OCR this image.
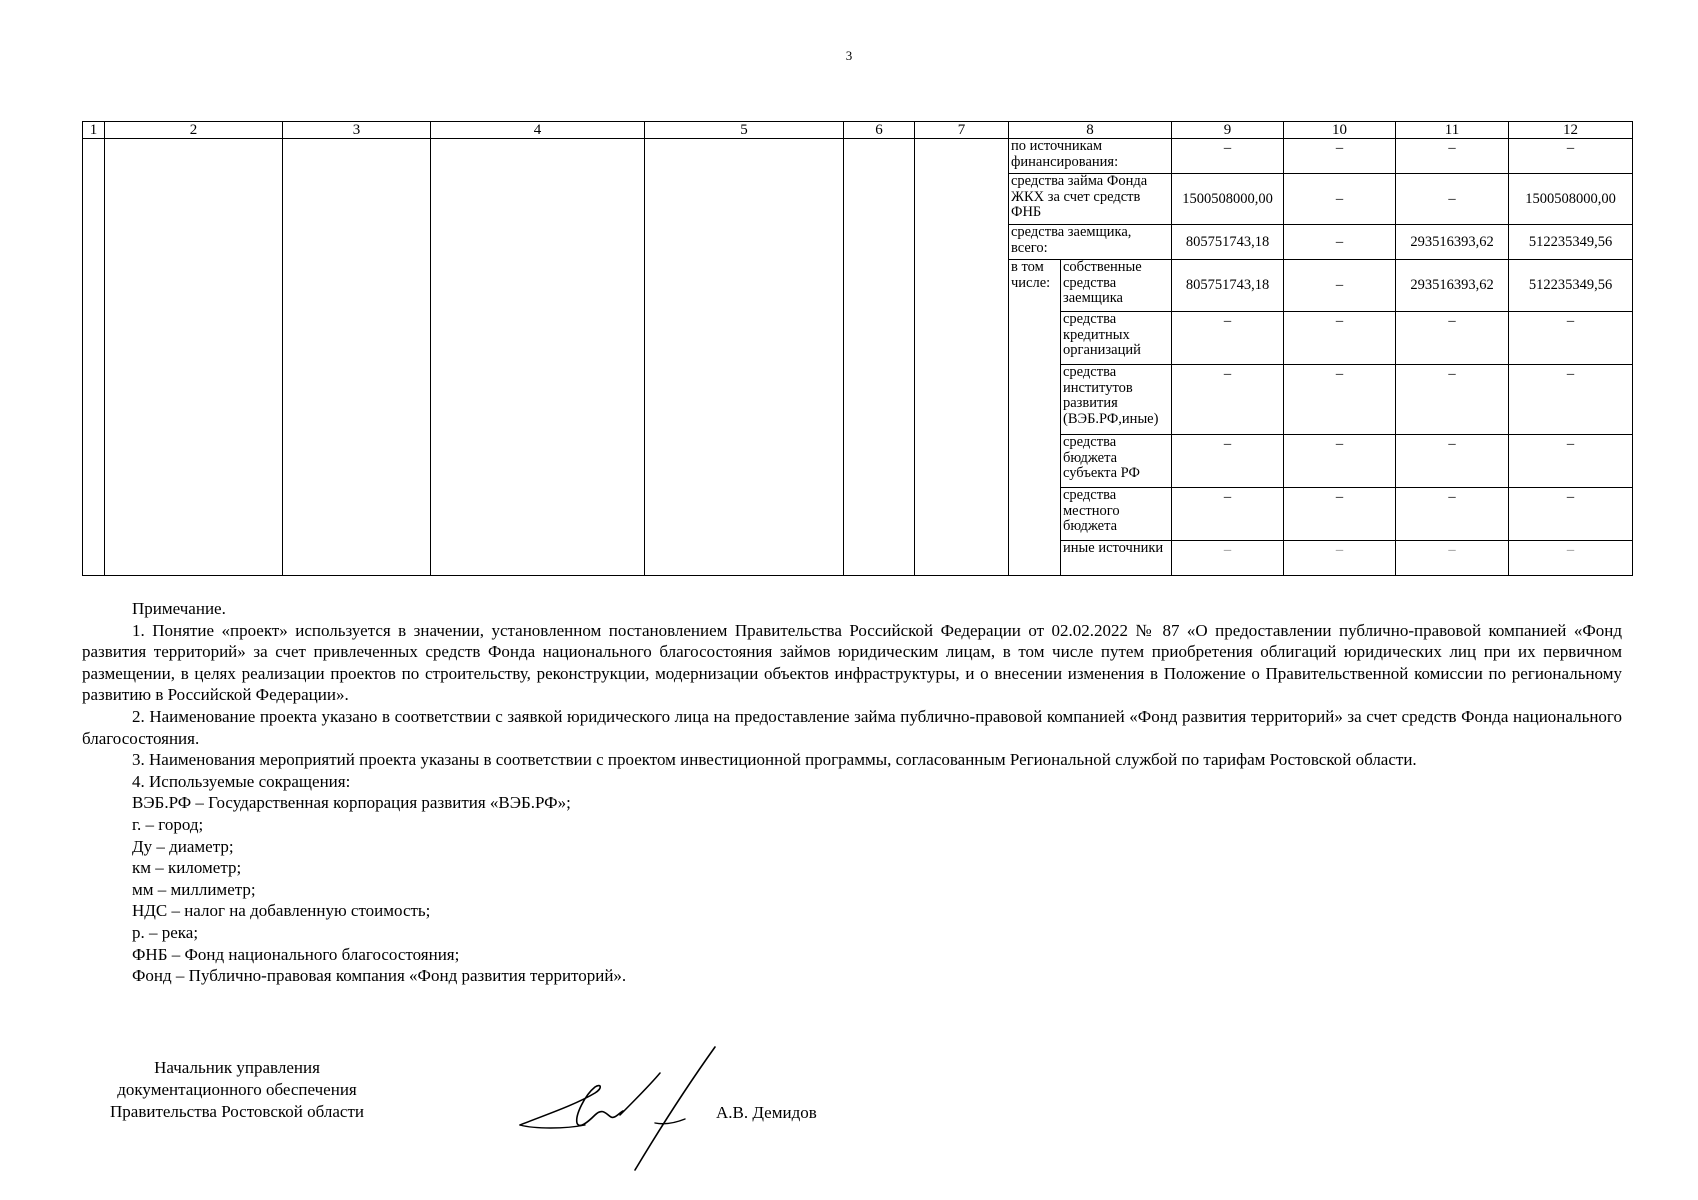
3
1	2	3	4	5	6	7	8		9	10	11	12
							по источникам финансирования:		–	–	–	–
							средства займа Фонда ЖКХ за счет средств ФНБ		1500508000,00	–	–	1500508000,00
							средства заемщика, всего:		805751743,18	–	293516393,62	512235349,56
							в том числе:	собственные средства заемщика	805751743,18	–	293516393,62	512235349,56
								средства кредитных организаций	–	–	–	–
								средства институтов развития (ВЭБ.РФ,иные)	–	–	–	–
								средства бюджета субъекта РФ	–	–	–	–
								средства местного бюджета	–	–	–	–
								иные источники	–	–	–	–

Примечание.

1. Понятие «проект» используется в значении, установленном постановлением Правительства Российской Федерации от 02.02.2022 № 87 «О предоставлении публично-правовой компанией «Фонд развития территорий» за счет привлеченных средств Фонда национального благосостояния займов юридическим лицам, в том числе путем приобретения облигаций юридических лиц при их первичном размещении, в целях реализации проектов по строительству, реконструкции, модернизации объектов инфраструктуры, и о внесении изменения в Положение о Правительственной комиссии по региональному развитию в Российской Федерации».

2. Наименование проекта указано в соответствии с заявкой юридического лица на предоставление займа публично-правовой компанией «Фонд развития территорий» за счет средств Фонда национального благосостояния.

3. Наименования мероприятий проекта указаны в соответствии с проектом инвестиционной программы, согласованным Региональной службой по тарифам Ростовской области.

4. Используемые сокращения:

ВЭБ.РФ – Государственная корпорация развития «ВЭБ.РФ»;

г. – город;

Ду – диаметр;

км – километр;

мм – миллиметр;

НДС – налог на добавленную стоимость;

р. – река;

ФНБ – Фонд национального благосостояния;

Фонд – Публично-правовая компания «Фонд развития территорий».

Начальник управления
документационного обеспечения
Правительства Ростовской области	А.В. Демидов
